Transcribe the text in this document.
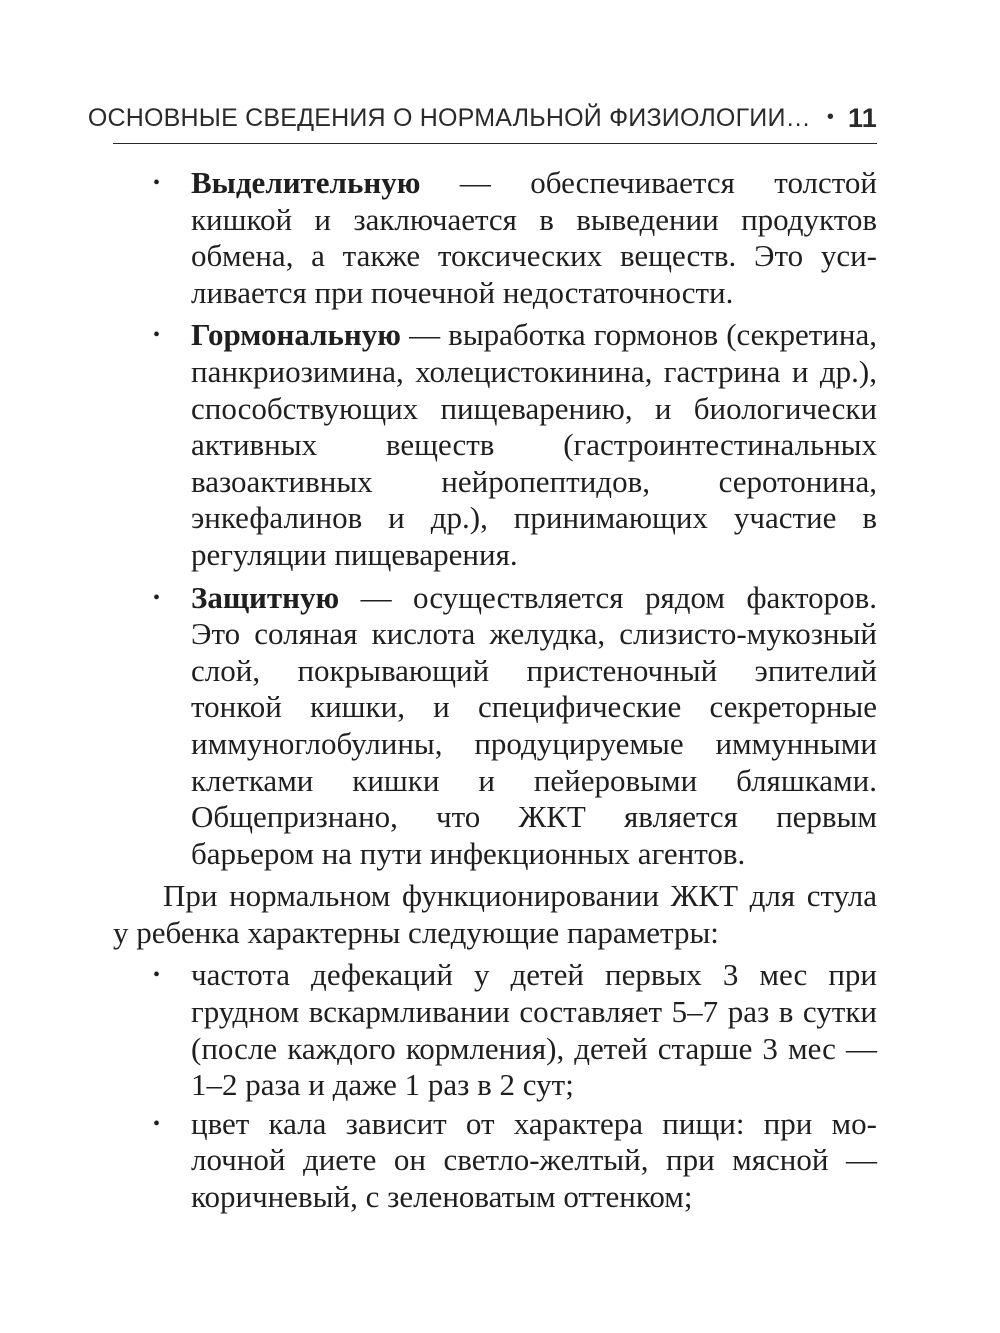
ОСНОВНЫЕ СВЕДЕНИЯ О НОРМАЛЬНОЙ ФИЗИОЛОГИИ… • 11
• Выделительную — обеспечивается толстой кишкой и заключается в выведении продуктов обмена, а также токсических веществ. Это усиливается при почечной недостаточности.
• Гормональную — выработка гормонов (секретина, панкриозимина, холецистокинина, гастрина и др.), способствующих пищеварению, и биологически активных веществ (гастроинтестинальных вазоактивных нейропептидов, серотонина, энкефалинов и др.), принимающих участие в регуляции пищеварения.
• Защитную — осуществляется рядом факторов. Это соляная кислота желудка, слизисто-мукозный слой, покрывающий пристеночный эпителий тонкой кишки, и специфические секреторные иммуноглобулины, продуцируемые иммунными клетками кишки и пейеровыми бляшками. Общепризнано, что ЖКТ является первым барьером на пути инфекционных агентов.

При нормальном функционировании ЖКТ для стула у ребенка характерны следующие параметры:

• частота дефекаций у детей первых 3 мес при грудном вскармливании составляет 5–7 раз в сутки (после каждого кормления), детей старше 3 мес — 1–2 раза и даже 1 раз в 2 сут;
• цвет кала зависит от характера пищи: при молочной диете он светло-желтый, при мясной — коричневый, с зеленоватым оттенком;
